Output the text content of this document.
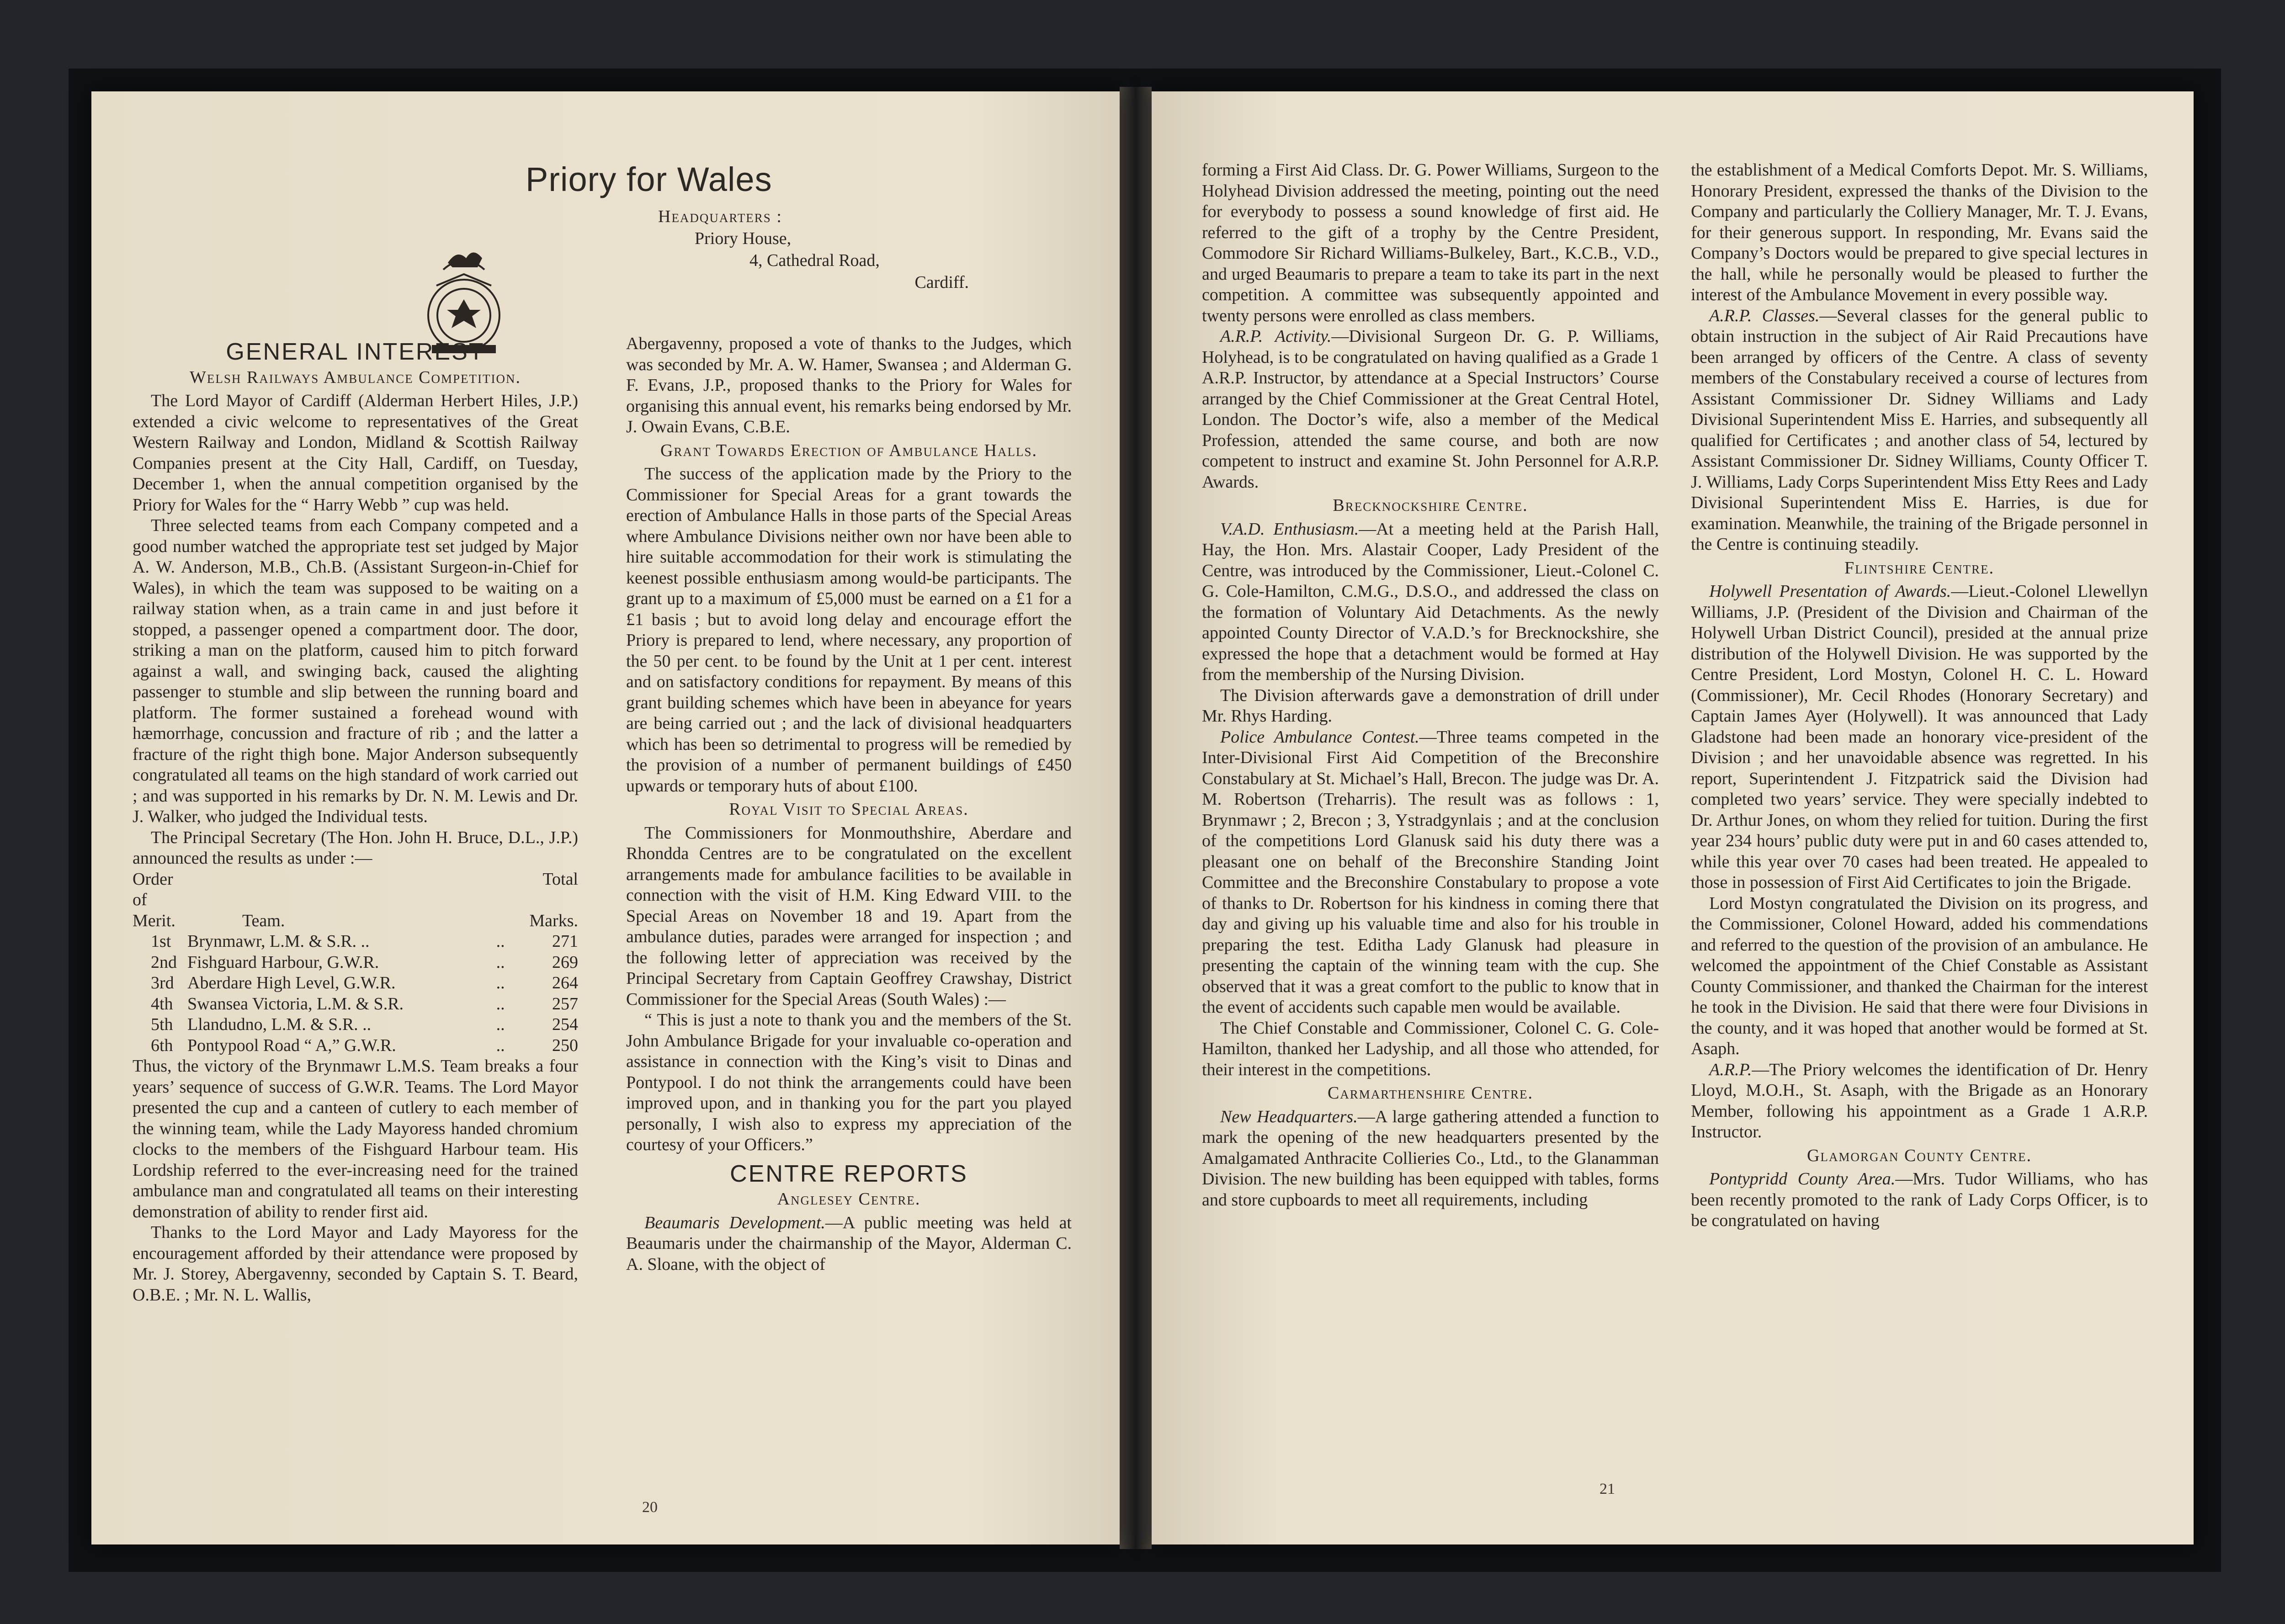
Priory for Wales
Headquarters :
Priory House,
4, Cathedral Road,
Cardiff.
GENERAL INTEREST

Welsh Railways Ambulance Competition.

The Lord Mayor of Cardiff (Alderman Herbert Hiles, J.P.) extended a civic welcome to representatives of the Great Western Railway and London, Midland & Scottish Railway Companies present at the City Hall, Cardiff, on Tuesday, December 1, when the annual competition organised by the Priory for Wales for the “ Harry Webb ” cup was held.

Three selected teams from each Company competed and a good number watched the appropriate test set judged by Major A. W. Anderson, M.B., Ch.B. (Assistant Surgeon-in-Chief for Wales), in which the team was supposed to be waiting on a railway station when, as a train came in and just before it stopped, a passenger opened a compartment door. The door, striking a man on the platform, caused him to pitch forward against a wall, and swinging back, caused the alighting passenger to stumble and slip between the running board and platform. The former sustained a forehead wound with hæmorrhage, concussion and fracture of rib ; and the latter a fracture of the right thigh bone. Major Anderson subsequently congratulated all teams on the high standard of work carried out ; and was supported in his remarks by Dr. N. M. Lewis and Dr. J. Walker, who judged the Individual tests.

The Principal Secretary (The Hon. John H. Bruce, D.L., J.P.) announced the results as under :—

Order of			Total
Merit.	Team.		Marks.
1st	Brynmawr, L.M. & S.R. ..	..	271
2nd	Fishguard Harbour, G.W.R.	..	269
3rd	Aberdare High Level, G.W.R.	..	264
4th	Swansea Victoria, L.M. & S.R.	..	257
5th	Llandudno, L.M. & S.R. ..	..	254
6th	Pontypool Road “ A,” G.W.R.	..	250

Thus, the victory of the Brynmawr L.M.S. Team breaks a four years’ sequence of success of G.W.R. Teams. The Lord Mayor presented the cup and a canteen of cutlery to each member of the winning team, while the Lady Mayoress handed chromium clocks to the members of the Fishguard Harbour team. His Lordship referred to the ever-increasing need for the trained ambulance man and congratulated all teams on their interesting demonstration of ability to render first aid.

Thanks to the Lord Mayor and Lady Mayoress for the encouragement afforded by their attendance were proposed by Mr. J. Storey, Abergavenny, seconded by Captain S. T. Beard, O.B.E. ; Mr. N. L. Wallis,

Abergavenny, proposed a vote of thanks to the Judges, which was seconded by Mr. A. W. Hamer, Swansea ; and Alderman G. F. Evans, J.P., proposed thanks to the Priory for Wales for organising this annual event, his remarks being endorsed by Mr. J. Owain Evans, C.B.E.

Grant Towards Erection of Ambulance Halls.

The success of the application made by the Priory to the Commissioner for Special Areas for a grant towards the erection of Ambulance Halls in those parts of the Special Areas where Ambulance Divisions neither own nor have been able to hire suitable accommodation for their work is stimulating the keenest possible enthusiasm among would-be participants. The grant up to a maximum of £5,000 must be earned on a £1 for a £1 basis ; but to avoid long delay and encourage effort the Priory is prepared to lend, where necessary, any proportion of the 50 per cent. to be found by the Unit at 1 per cent. interest and on satisfactory conditions for repayment. By means of this grant building schemes which have been in abeyance for years are being carried out ; and the lack of divisional headquarters which has been so detrimental to progress will be remedied by the provision of a number of permanent buildings of £450 upwards or temporary huts of about £100.

Royal Visit to Special Areas.

The Commissioners for Monmouthshire, Aberdare and Rhondda Centres are to be congratulated on the excellent arrangements made for ambulance facilities to be available in connection with the visit of H.M. King Edward VIII. to the Special Areas on November 18 and 19. Apart from the ambulance duties, parades were arranged for inspection ; and the following letter of appreciation was received by the Principal Secretary from Captain Geoffrey Crawshay, District Commissioner for the Special Areas (South Wales) :—

“ This is just a note to thank you and the members of the St. John Ambulance Brigade for your invaluable co-operation and assistance in connection with the King’s visit to Dinas and Pontypool. I do not think the arrangements could have been improved upon, and in thanking you for the part you played personally, I wish also to express my appreciation of the courtesy of your Officers.”

CENTRE REPORTS

Anglesey Centre.

Beaumaris Development.—A public meeting was held at Beaumaris under the chairmanship of the Mayor, Alderman C. A. Sloane, with the object of

20

forming a First Aid Class. Dr. G. Power Williams, Surgeon to the Holyhead Division addressed the meeting, pointing out the need for everybody to possess a sound knowledge of first aid. He referred to the gift of a trophy by the Centre President, Commodore Sir Richard Williams-Bulkeley, Bart., K.C.B., V.D., and urged Beaumaris to prepare a team to take its part in the next competition. A committee was subsequently appointed and twenty persons were enrolled as class members.

A.R.P. Activity.—Divisional Surgeon Dr. G. P. Williams, Holyhead, is to be congratulated on having qualified as a Grade 1 A.R.P. Instructor, by attendance at a Special Instructors’ Course arranged by the Chief Commissioner at the Great Central Hotel, London. The Doctor’s wife, also a member of the Medical Profession, attended the same course, and both are now competent to instruct and examine St. John Personnel for A.R.P. Awards.

Brecknockshire Centre.

V.A.D. Enthusiasm.—At a meeting held at the Parish Hall, Hay, the Hon. Mrs. Alastair Cooper, Lady President of the Centre, was introduced by the Commissioner, Lieut.-Colonel C. G. Cole-Hamilton, C.M.G., D.S.O., and addressed the class on the formation of Voluntary Aid Detachments. As the newly appointed County Director of V.A.D.’s for Brecknockshire, she expressed the hope that a detachment would be formed at Hay from the membership of the Nursing Division.

The Division afterwards gave a demonstration of drill under Mr. Rhys Harding.

Police Ambulance Contest.—Three teams competed in the Inter-Divisional First Aid Competition of the Breconshire Constabulary at St. Michael’s Hall, Brecon. The judge was Dr. A. M. Robertson (Treharris). The result was as follows : 1, Brynmawr ; 2, Brecon ; 3, Ystradgynlais ; and at the conclusion of the competitions Lord Glanusk said his duty there was a pleasant one on behalf of the Breconshire Standing Joint Committee and the Breconshire Constabulary to propose a vote of thanks to Dr. Robertson for his kindness in coming there that day and giving up his valuable time and also for his trouble in preparing the test. Editha Lady Glanusk had pleasure in presenting the captain of the winning team with the cup. She observed that it was a great comfort to the public to know that in the event of accidents such capable men would be available.

The Chief Constable and Commissioner, Colonel C. G. Cole-Hamilton, thanked her Ladyship, and all those who attended, for their interest in the competitions.

Carmarthenshire Centre.

New Headquarters.—A large gathering attended a function to mark the opening of the new headquarters presented by the Amalgamated Anthracite Collieries Co., Ltd., to the Glanamman Division. The new building has been equipped with tables, forms and store cupboards to meet all requirements, including

the establishment of a Medical Comforts Depot. Mr. S. Williams, Honorary President, expressed the thanks of the Division to the Company and particularly the Colliery Manager, Mr. T. J. Evans, for their generous support. In responding, Mr. Evans said the Company’s Doctors would be prepared to give special lectures in the hall, while he personally would be pleased to further the interest of the Ambulance Movement in every possible way.

A.R.P. Classes.—Several classes for the general public to obtain instruction in the subject of Air Raid Precautions have been arranged by officers of the Centre. A class of seventy members of the Constabulary received a course of lectures from Assistant Commissioner Dr. Sidney Williams and Lady Divisional Superintendent Miss E. Harries, and subsequently all qualified for Certificates ; and another class of 54, lectured by Assistant Commissioner Dr. Sidney Williams, County Officer T. J. Williams, Lady Corps Superintendent Miss Etty Rees and Lady Divisional Superintendent Miss E. Harries, is due for examination. Meanwhile, the training of the Brigade personnel in the Centre is continuing steadily.

Flintshire Centre.

Holywell Presentation of Awards.—Lieut.-Colonel Llewellyn Williams, J.P. (President of the Division and Chairman of the Holywell Urban District Council), presided at the annual prize distribution of the Holywell Division. He was supported by the Centre President, Lord Mostyn, Colonel H. C. L. Howard (Commissioner), Mr. Cecil Rhodes (Honorary Secretary) and Captain James Ayer (Holywell). It was announced that Lady Gladstone had been made an honorary vice-president of the Division ; and her unavoidable absence was regretted. In his report, Superintendent J. Fitzpatrick said the Division had completed two years’ service. They were specially indebted to Dr. Arthur Jones, on whom they relied for tuition. During the first year 234 hours’ public duty were put in and 60 cases attended to, while this year over 70 cases had been treated. He appealed to those in possession of First Aid Certificates to join the Brigade.

Lord Mostyn congratulated the Division on its progress, and the Commissioner, Colonel Howard, added his commendations and referred to the question of the provision of an ambulance. He welcomed the appointment of the Chief Constable as Assistant County Commissioner, and thanked the Chairman for the interest he took in the Division. He said that there were four Divisions in the county, and it was hoped that another would be formed at St. Asaph.

A.R.P.—The Priory welcomes the identification of Dr. Henry Lloyd, M.O.H., St. Asaph, with the Brigade as an Honorary Member, following his appointment as a Grade 1 A.R.P. Instructor.

Glamorgan County Centre.

Pontypridd County Area.—Mrs. Tudor Williams, who has been recently promoted to the rank of Lady Corps Officer, is to be congratulated on having

21
